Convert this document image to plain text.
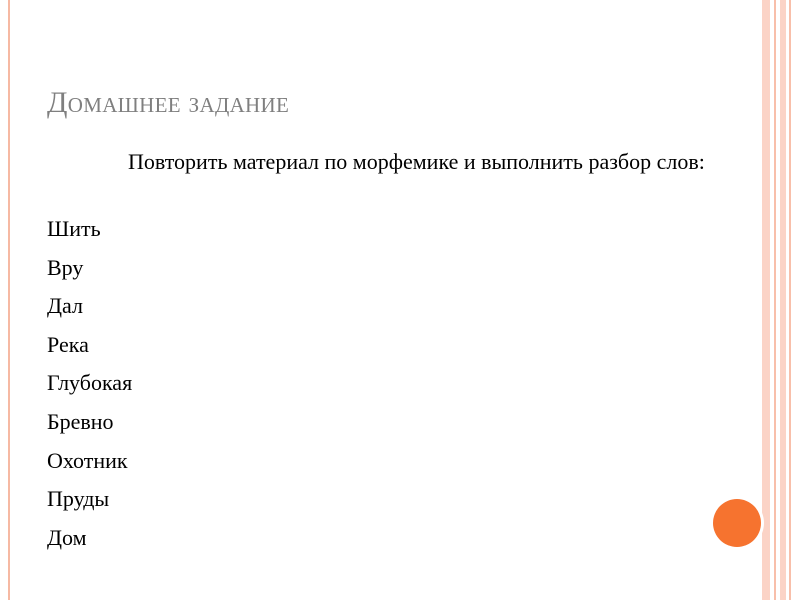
Домашнее задание
Повторить материал по морфемике и выполнить разбор слов:
Шить
Вру
Дал
Река
Глубокая
Бревно
Охотник
Пруды
Дом
